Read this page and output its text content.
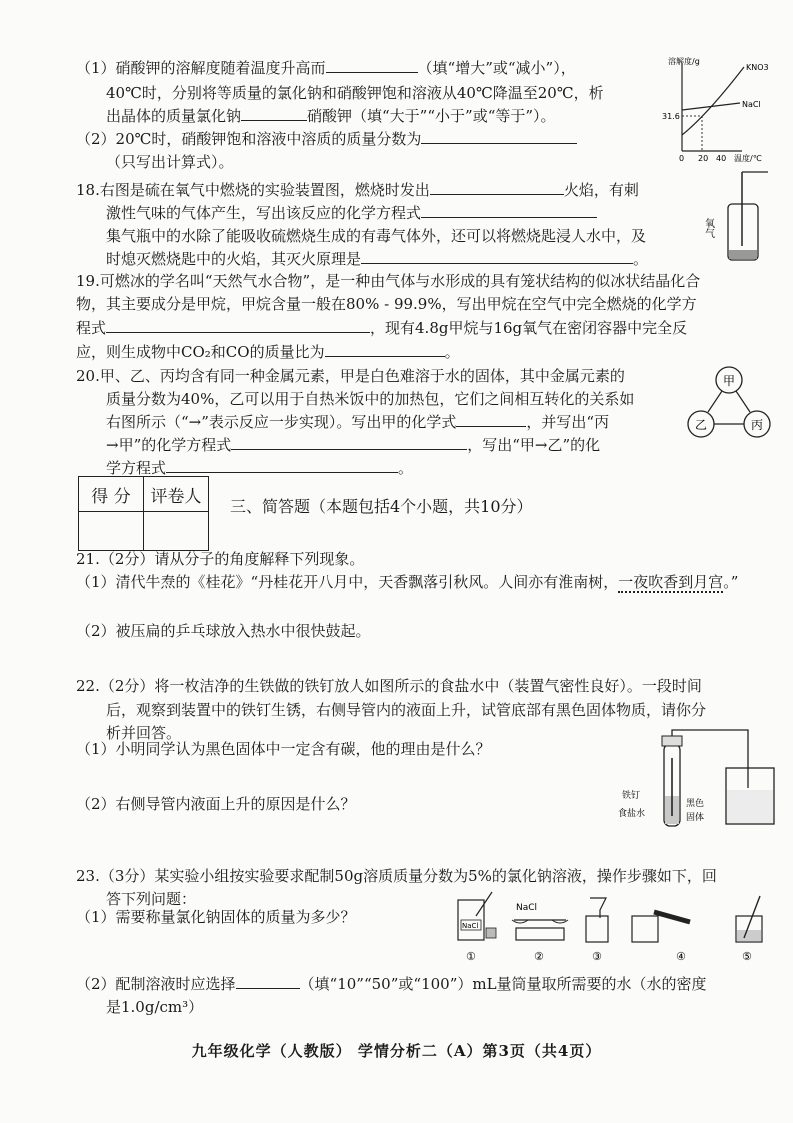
（1）硝酸钾的溶解度随着温度升高而	（填“增大”或“减小”），
40℃时，分别将等质量的氯化钠和硝酸钾饱和溶液从40℃降温至20℃，析
出晶体的质量氯化钠	硝酸钾（填“大于”“小于”或“等于”）。
（2）20℃时，硝酸钾饱和溶液中溶质的质量分数为
（只写出计算式）。
溶解度/g
KNO3
NaCl
31.6
0 20 40 温度/℃
18.右图是硫在氧气中燃烧的实验装置图，燃烧时发出	火焰，有刺
激性气味的气体产生，写出该反应的化学方程式
集气瓶中的水除了能吸收硫燃烧生成的有毒气体外，还可以将燃烧匙浸人水中，及
时熄灭燃烧匙中的火焰，其灭火原理是	。
氧气
19.可燃冰的学名叫“天然气水合物”，是一种由气体与水形成的具有笼状结构的似冰状结晶化合
物，其主要成分是甲烷，甲烷含量一般在80% - 99.9%，写出甲烷在空气中完全燃烧的化学方
程式	，现有4.8g甲烷与16g氧气在密闭容器中完全反
应，则生成物中CO₂和CO的质量比为	。
20.甲、乙、丙均含有同一种金属元素，甲是白色难溶于水的固体，其中金属元素的
质量分数为40%，乙可以用于自热米饭中的加热包，它们之间相互转化的关系如
右图所示（“→”表示反应一步实现）。写出甲的化学式	，并写出“丙
→甲”的化学方程式	，写出“甲→乙”的化
学方程式	。
甲
乙	丙
得 分	评卷人
	三、简答题（本题包括4个小题，共10分）
21.（2分）请从分子的角度解释下列现象。
（1）清代牛焘的《桂花》“丹桂花开八月中，天香飘落引秋风。人间亦有淮南树，一夜吹香到月宫。”
（2）被压扁的乒乓球放入热水中很快鼓起。
22.（2分）将一枚洁净的生铁做的铁钉放人如图所示的食盐水中（装置气密性良好）。一段时间
后，观察到装置中的铁钉生锈，右侧导管内的液面上升，试管底部有黑色固体物质，请你分
析并回答。
（1）小明同学认为黑色固体中一定含有碳，他的理由是什么？
（2）右侧导管内液面上升的原因是什么？	铁钉
食盐水
黑色
固体
23.（3分）某实验小组按实验要求配制50g溶质质量分数为5%的氯化钠溶液，操作步骤如下，回
答下列问题：
（1）需要称量氯化钠固体的质量为多少？
（2）配制溶液时应选择	（填“10”“50”或“100”）mL量筒量取所需要的水（水的密度
是1.0g/cm³）
NaCl
NaCl
①	②	③	④	⑤
九年级化学（人教版） 学情分析二（A）第3页（共4页）
